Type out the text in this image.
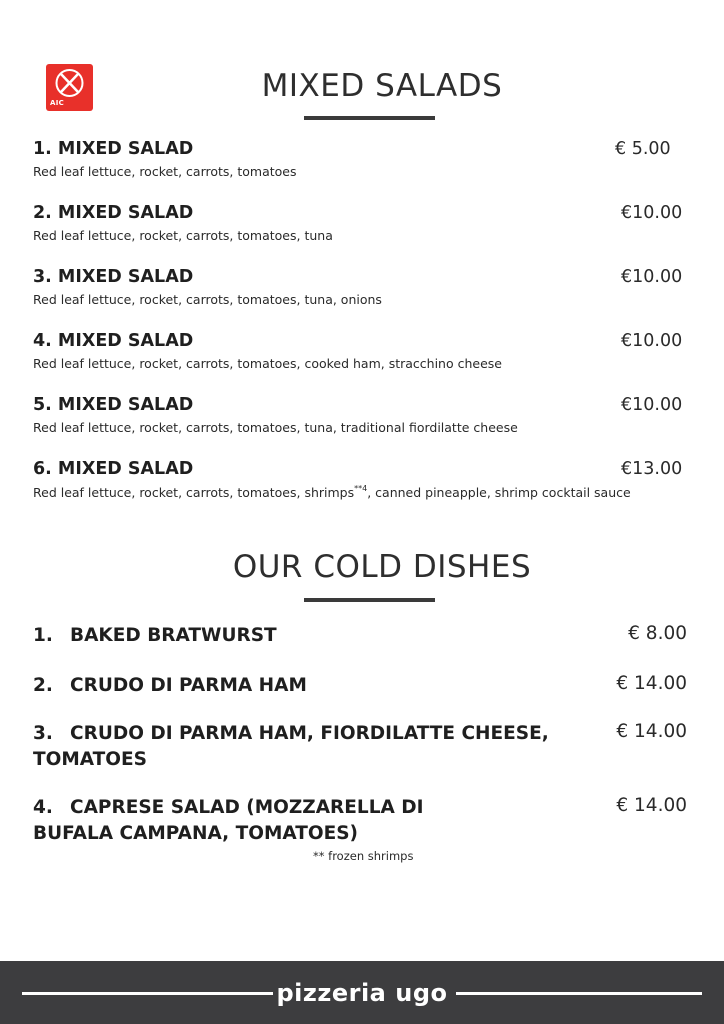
AIC	MIXED SALADS
1. MIXED SALAD	€ 5.00
Red leaf lettuce, rocket, carrots, tomatoes
2. MIXED SALAD	€10.00
Red leaf lettuce, rocket, carrots, tomatoes, tuna
3. MIXED SALAD	€10.00
Red leaf lettuce, rocket, carrots, tomatoes, tuna, onions
4. MIXED SALAD	€10.00
Red leaf lettuce, rocket, carrots, tomatoes, cooked ham, stracchino cheese
5. MIXED SALAD	€10.00
Red leaf lettuce, rocket, carrots, tomatoes, tuna, traditional fiordilatte cheese
6. MIXED SALAD	€13.00
Red leaf lettuce, rocket, carrots, tomatoes, shrimps$^{**4}$, canned pineapple, shrimp cocktail sauce
OUR COLD DISHES
1. BAKED BRATWURST	€ 8.00
2. CRUDO DI PARMA HAM	€ 14.00
3. CRUDO DI PARMA HAM, FIORDILATTE CHEESE,
TOMATOES
€ 14.00
4. CAPRESE SALAD (MOZZARELLA DI
BUFALA CAMPANA, TOMATOES)
€ 14.00
** frozen shrimps
pizzeria ugo
